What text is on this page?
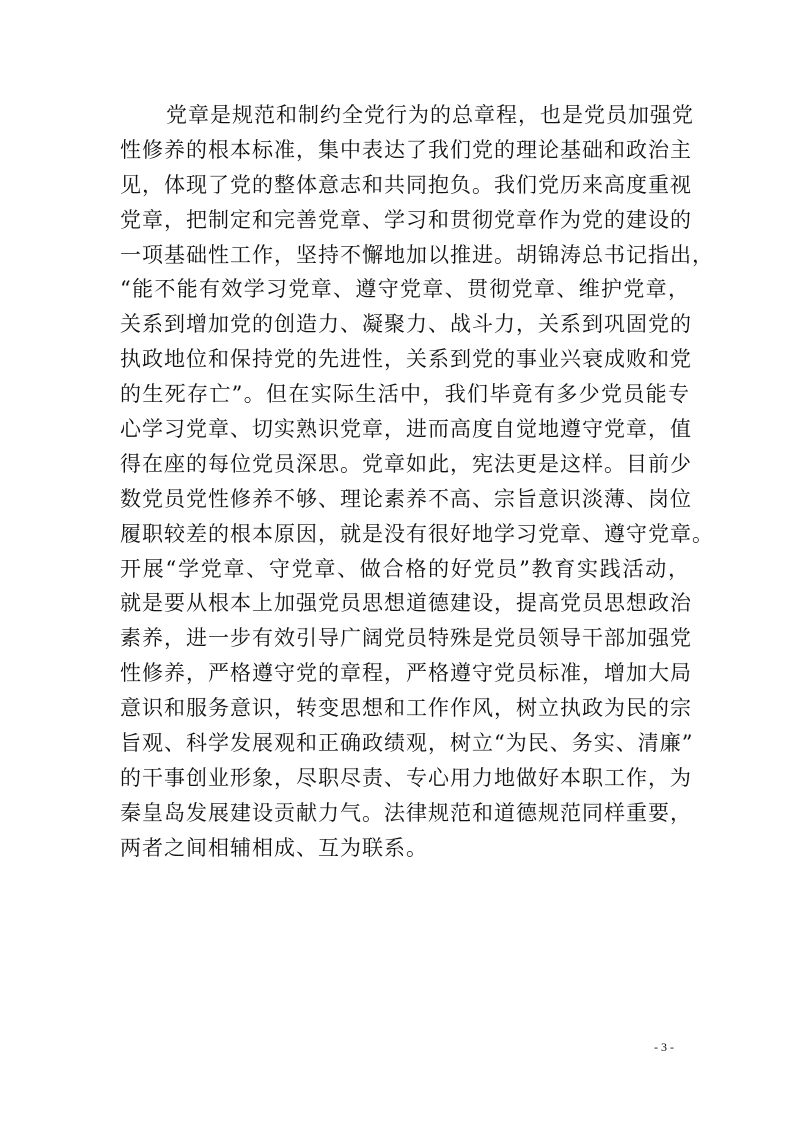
党章是规范和制约全党行为的总章程，也是党员加强党
性修养的根本标准，集中表达了我们党的理论基础和政治主
见，体现了党的整体意志和共同抱负。我们党历来高度重视
党章，把制定和完善党章、学习和贯彻党章作为党的建设的
一项基础性工作，坚持不懈地加以推进。胡锦涛总书记指出，
“能不能有效学习党章、遵守党章、贯彻党章、维护党章，
关系到增加党的创造力、凝聚力、战斗力，关系到巩固党的
执政地位和保持党的先进性，关系到党的事业兴衰成败和党
的生死存亡”。但在实际生活中，我们毕竟有多少党员能专
心学习党章、切实熟识党章，进而高度自觉地遵守党章，值
得在座的每位党员深思。党章如此，宪法更是这样。目前少
数党员党性修养不够、理论素养不高、宗旨意识淡薄、岗位
履职较差的根本原因，就是没有很好地学习党章、遵守党章。
开展“学党章、守党章、做合格的好党员”教育实践活动，
就是要从根本上加强党员思想道德建设，提高党员思想政治
素养，进一步有效引导广阔党员特殊是党员领导干部加强党
性修养，严格遵守党的章程，严格遵守党员标准，增加大局
意识和服务意识，转变思想和工作作风，树立执政为民的宗
旨观、科学发展观和正确政绩观，树立“为民、务实、清廉”
的干事创业形象，尽职尽责、专心用力地做好本职工作，为
秦皇岛发展建设贡献力气。法律规范和道德规范同样重要，
两者之间相辅相成、互为联系。
- 3 -
